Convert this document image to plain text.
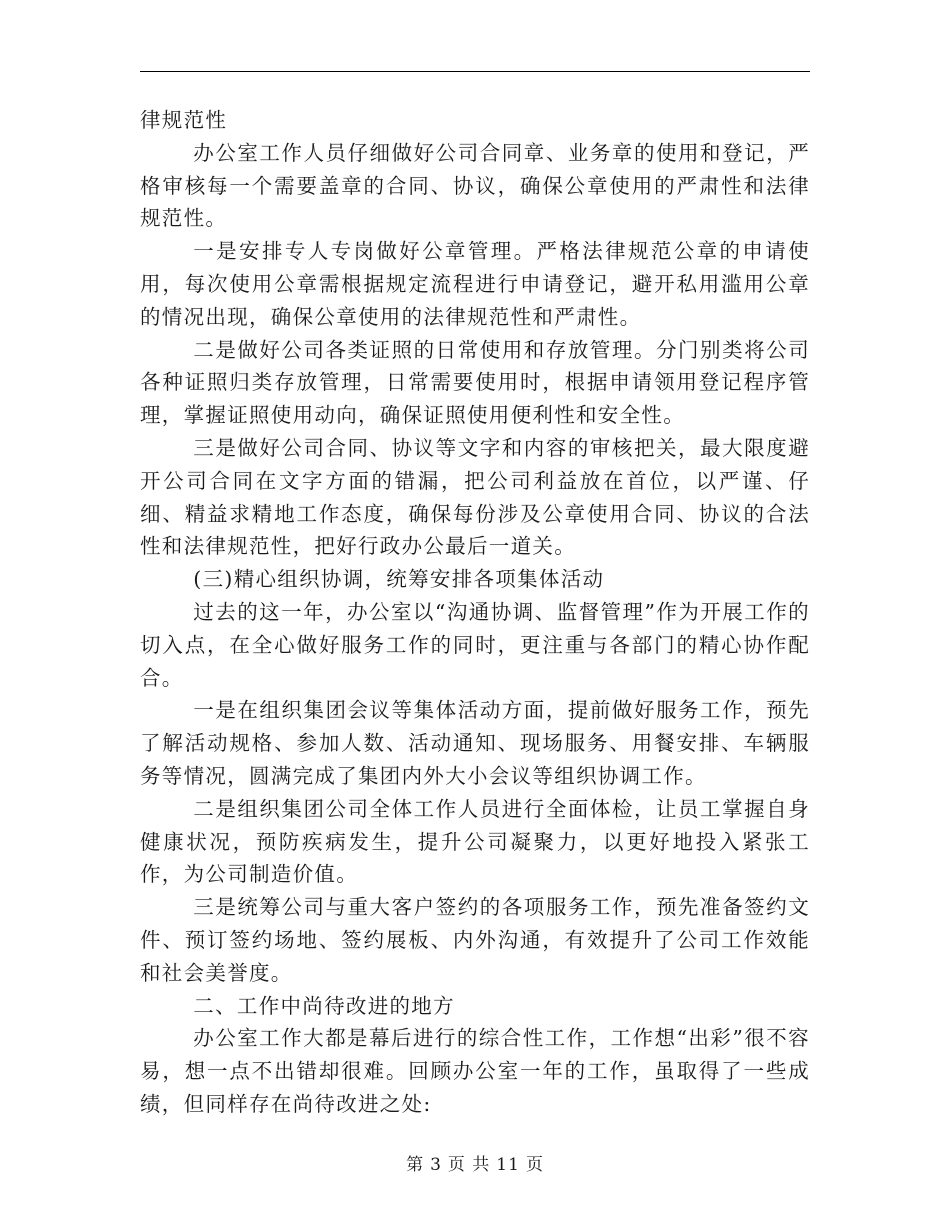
律规范性

办公室工作人员仔细做好公司合同章、业务章的使用和登记，严格审核每一个需要盖章的合同、协议，确保公章使用的严肃性和法律规范性。

一是安排专人专岗做好公章管理。严格法律规范公章的申请使用，每次使用公章需根据规定流程进行申请登记，避开私用滥用公章的情况出现，确保公章使用的法律规范性和严肃性。

二是做好公司各类证照的日常使用和存放管理。分门别类将公司各种证照归类存放管理，日常需要使用时，根据申请领用登记程序管理，掌握证照使用动向，确保证照使用便利性和安全性。

三是做好公司合同、协议等文字和内容的审核把关，最大限度避开公司合同在文字方面的错漏，把公司利益放在首位，以严谨、仔细、精益求精地工作态度，确保每份涉及公章使用合同、协议的合法性和法律规范性，把好行政办公最后一道关。

(三)精心组织协调，统筹安排各项集体活动

过去的这一年，办公室以“沟通协调、监督管理”作为开展工作的切入点，在全心做好服务工作的同时，更注重与各部门的精心协作配合。

一是在组织集团会议等集体活动方面，提前做好服务工作，预先了解活动规格、参加人数、活动通知、现场服务、用餐安排、车辆服务等情况，圆满完成了集团内外大小会议等组织协调工作。

二是组织集团公司全体工作人员进行全面体检，让员工掌握自身健康状况，预防疾病发生，提升公司凝聚力，以更好地投入紧张工作，为公司制造价值。

三是统筹公司与重大客户签约的各项服务工作，预先准备签约文件、预订签约场地、签约展板、内外沟通，有效提升了公司工作效能和社会美誉度。

二、工作中尚待改进的地方

办公室工作大都是幕后进行的综合性工作，工作想“出彩”很不容易，想一点不出错却很难。回顾办公室一年的工作，虽取得了一些成绩，但同样存在尚待改进之处:

第 3 页 共 11 页
